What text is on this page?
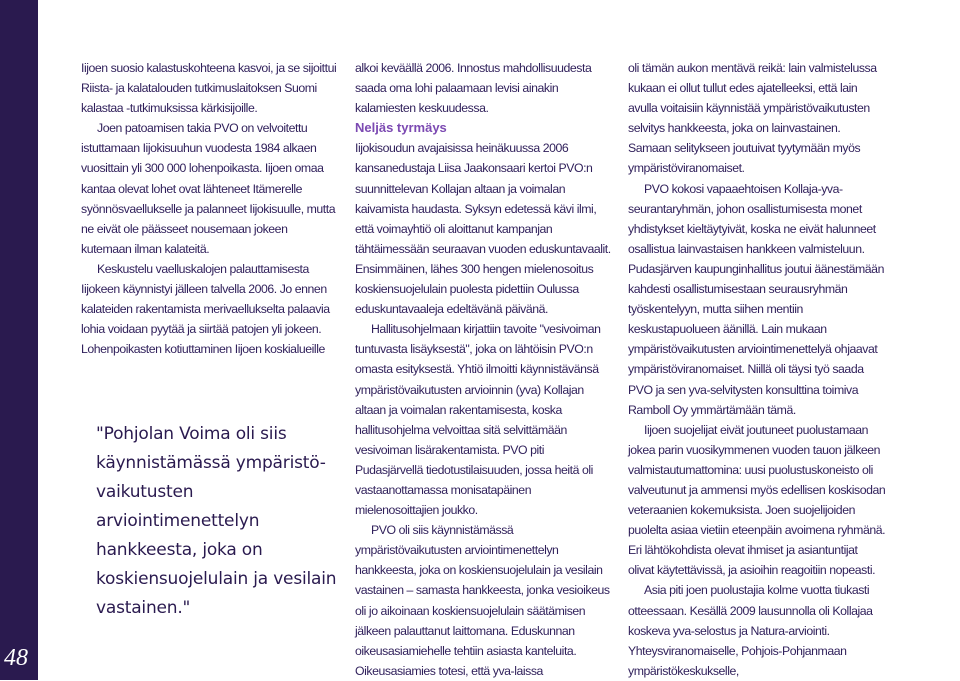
48

Iijoen suosio kalastuskohteena kasvoi, ja se sijoittui Riista- ja kalatalouden tutkimuslaitoksen Suomi kalastaa -tutkimuksissa kärkisijoille.

Joen patoamisen takia PVO on velvoitettu istuttamaan Iijokisuuhun vuodesta 1984 alkaen vuosittain yli 300 000 lohenpoikasta. Iijoen omaa kantaa olevat lohet ovat lähteneet Itämerelle syönnösvaellukselle ja palanneet Iijokisuulle, mutta ne eivät ole päässeet nousemaan jokeen kutemaan ilman kalateitä.

Keskustelu vaelluskalojen palauttamisesta Iijokeen käynnistyi jälleen talvella 2006. Jo ennen kalateiden rakentamista merivaellukselta palaavia lohia voidaan pyytää ja siirtää patojen yli jokeen. Lohenpoikasten kotiuttaminen Iijoen koskialueille

"Pohjolan Voima oli siis

käynnistämässä ympäristö-

vaikutusten arviointimenettelyn

hankkeesta, joka on

koskiensuojelulain ja vesilain

vastainen."

alkoi keväällä 2006. Innostus mahdollisuudesta saada oma lohi palaamaan levisi ainakin kalamiesten keskuudessa.

Neljäs tyrmäys

Iijokisoudun avajaisissa heinäkuussa 2006 kansanedustaja Liisa Jaakonsaari kertoi PVO:n suunnittelevan Kollajan altaan ja voimalan kaivamista haudasta. Syksyn edetessä kävi ilmi, että voimayhtiö oli aloittanut kampanjan tähtäimessään seuraavan vuoden eduskuntavaalit. Ensimmäinen, lähes 300 hengen mielenosoitus koskiensuojelulain puolesta pidettiin Oulussa eduskuntavaaleja edeltävänä päivänä.

Hallitusohjelmaan kirjattiin tavoite "vesivoiman tuntuvasta lisäyksestä", joka on lähtöisin PVO:n omasta esityksestä. Yhtiö ilmoitti käynnistävänsä ympäristövaikutusten arvioinnin (yva) Kollajan altaan ja voimalan rakentamisesta, koska hallitusohjelma velvoittaa sitä selvittämään vesivoiman lisärakentamista. PVO piti Pudasjärvellä tiedotustilaisuuden, jossa heitä oli vastaanottamassa monisatapäinen mielenosoittajien joukko.

PVO oli siis käynnistämässä ympäristövaikutusten arviointimenettelyn hankkeesta, joka on koskiensuojelulain ja vesilain vastainen – samasta hankkeesta, jonka vesioikeus oli jo aikoinaan koskiensuojelulain säätämisen jälkeen palauttanut laittomana. Eduskunnan oikeusasiamiehelle tehtiin asiasta kanteluita. Oikeusasiamies totesi, että yva-laissa

oli tämän aukon mentävä reikä: lain valmistelussa kukaan ei ollut tullut edes ajatelleeksi, että lain avulla voitaisiin käynnistää ympäristövaikutusten selvitys hankkeesta, joka on lainvastainen. Samaan selitykseen joutuivat tyytymään myös ympäristöviranomaiset.

PVO kokosi vapaaehtoisen Kollaja-yva-seurantaryhmän, johon osallistumisesta monet yhdistykset kieltäytyivät, koska ne eivät halunneet osallistua lainvastaisen hankkeen valmisteluun. Pudasjärven kaupunginhallitus joutui äänestämään kahdesti osallistumisestaan seurausryhmän työskentelyyn, mutta siihen mentiin keskustapuolueen äänillä. Lain mukaan ympäristövaikutusten arviointimenettelyä ohjaavat ympäristöviranomaiset. Niillä oli täysi työ saada PVO ja sen yva-selvitysten konsulttina toimiva Ramboll Oy ymmärtämään tämä.

Iijoen suojelijat eivät joutuneet puolustamaan jokea parin vuosikymmenen vuoden tauon jälkeen valmistautumattomina: uusi puolustuskoneisto oli valveutunut ja ammensi myös edellisen koskisodan veteraanien kokemuksista. Joen suojelijoiden puolelta asiaa vietiin eteenpäin avoimena ryhmänä. Eri lähtökohdista olevat ihmiset ja asiantuntijat olivat käytettävissä, ja asioihin reagoitiin nopeasti.

Asia piti joen puolustajia kolme vuotta tiukasti otteessaan. Kesällä 2009 lausunnolla oli Kollajaa koskeva yva-selostus ja Natura-arviointi. Yhteysviranomaiselle, Pohjois-Pohjanmaan ympäristökeskukselle,
